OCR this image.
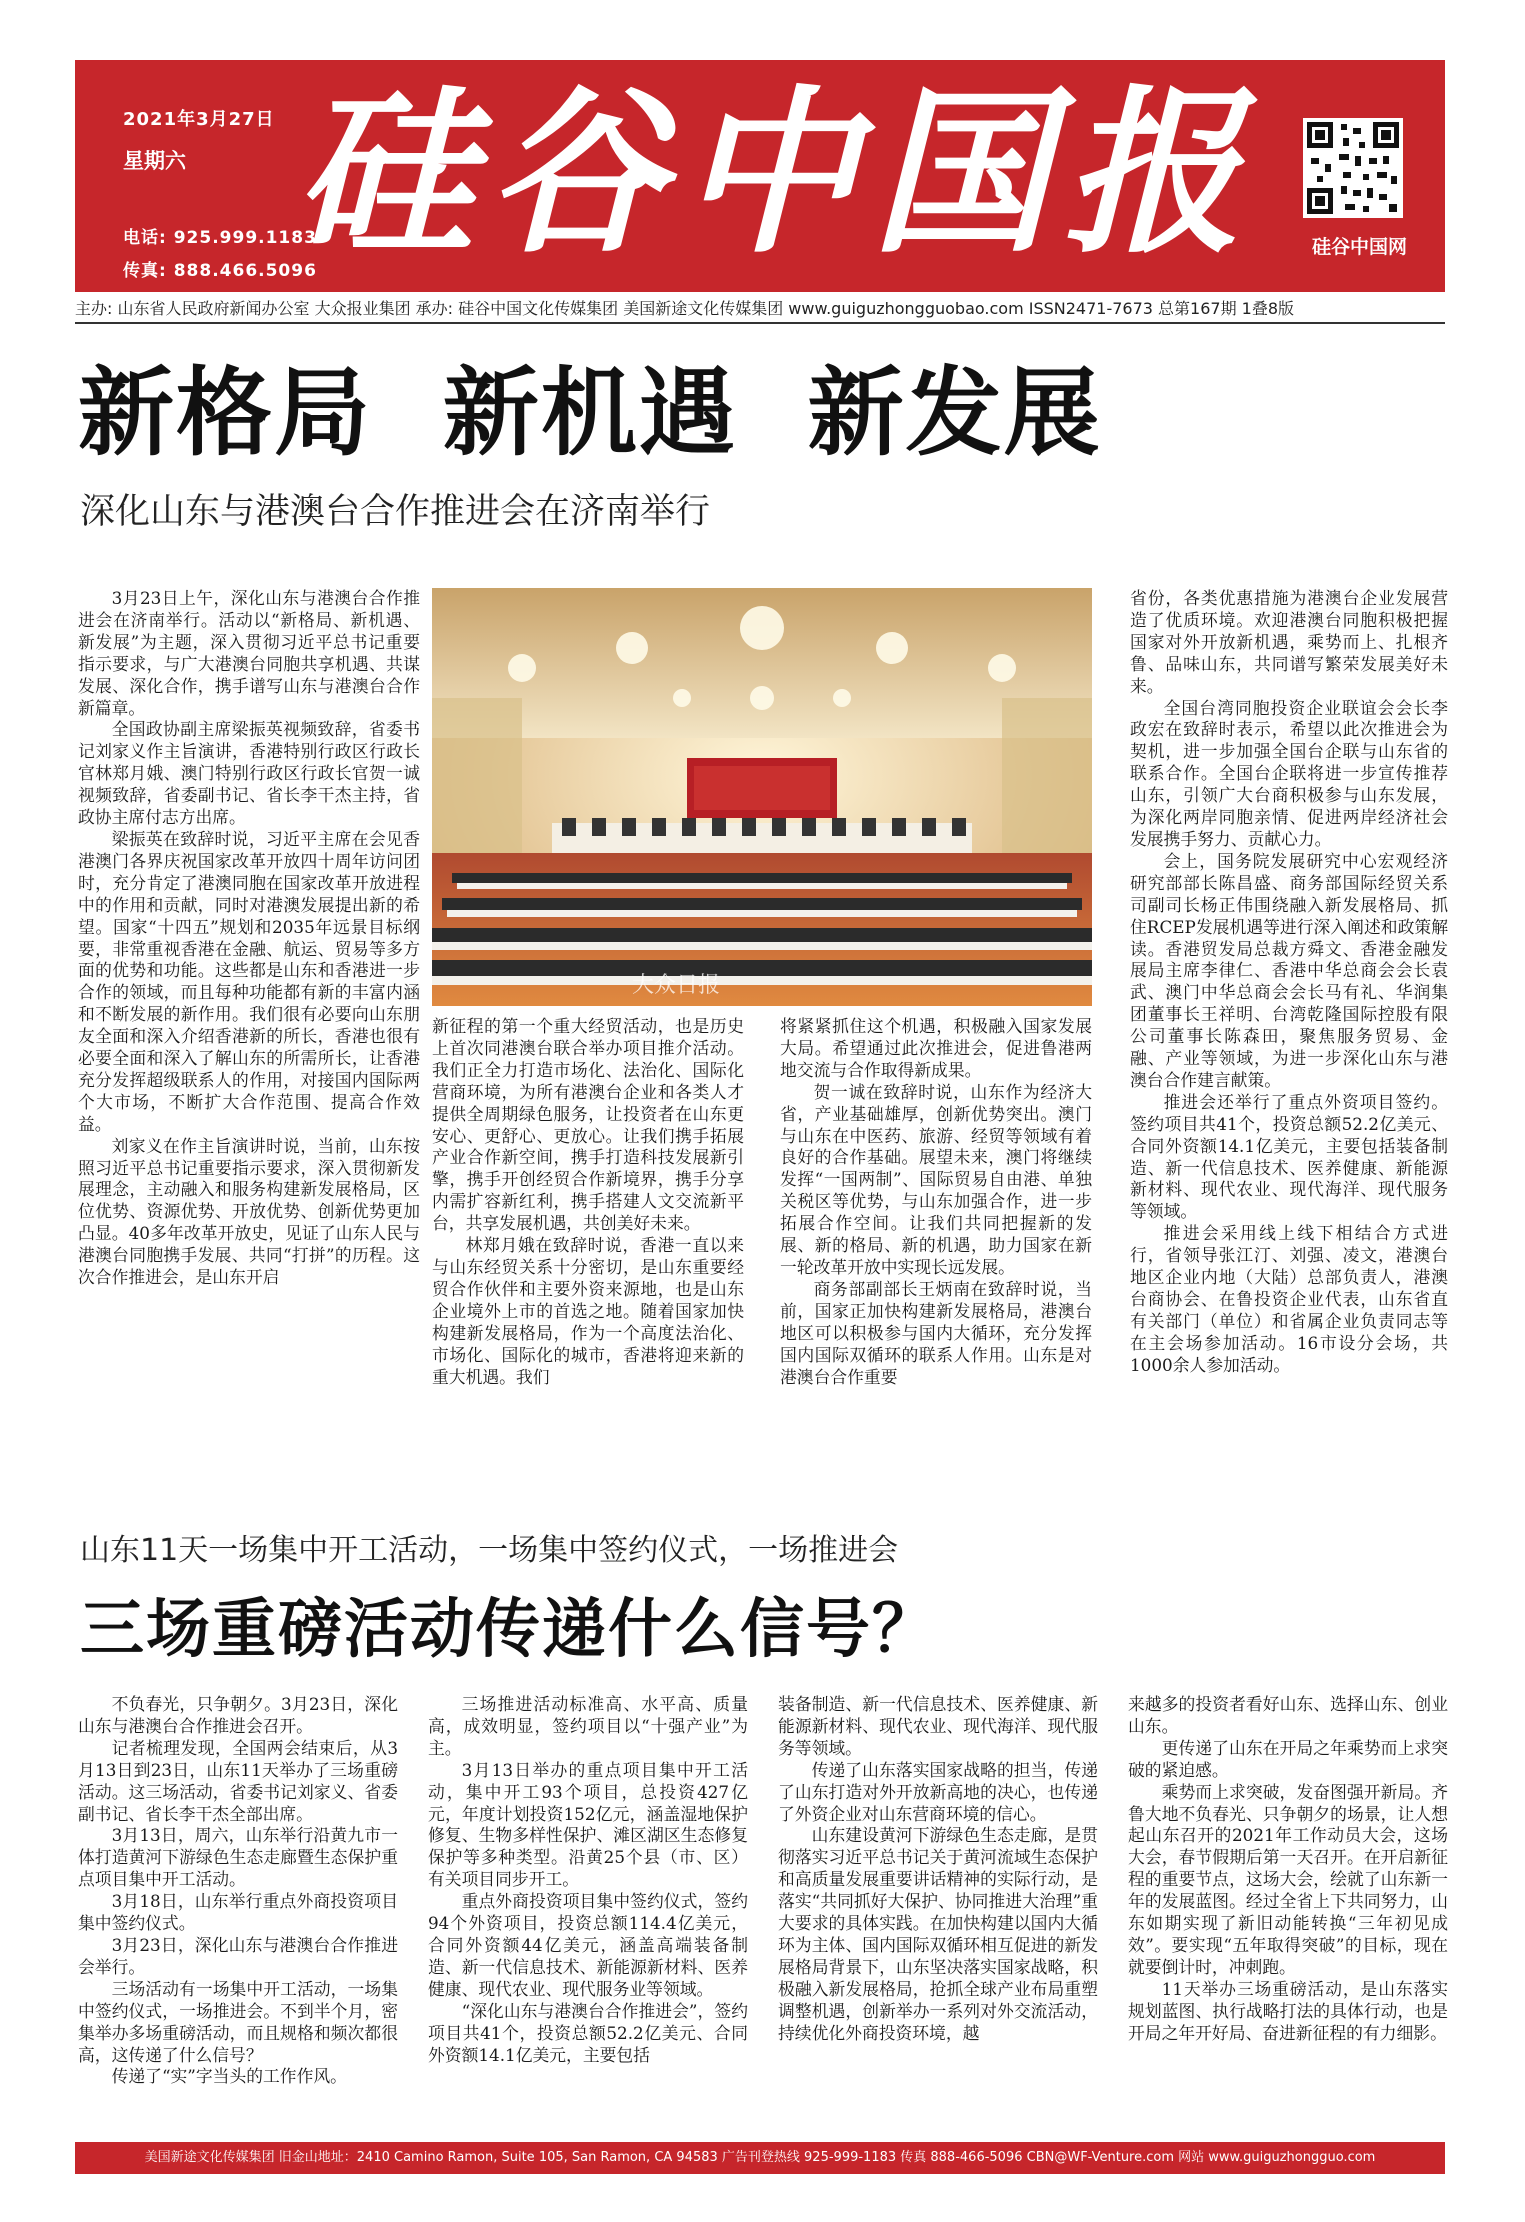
2021年3月27日
星期六
电话: 925.999.1183
传真: 888.466.5096
硅谷中国报	硅谷中国网
主办: 山东省人民政府新闻办公室 大众报业集团 承办: 硅谷中国文化传媒集团 美国新途文化传媒集团 www.guiguzhongguobao.com ISSN2471-7673 总第167期 1叠8版
新格局  新机遇  新发展
深化山东与港澳台合作推进会在济南举行

3月23日上午，深化山东与港澳台合作推进会在济南举行。活动以“新格局、新机遇、新发展”为主题，深入贯彻习近平总书记重要指示要求，与广大港澳台同胞共享机遇、共谋发展、深化合作，携手谱写山东与港澳台合作新篇章。

全国政协副主席梁振英视频致辞，省委书记刘家义作主旨演讲，香港特别行政区行政长官林郑月娥、澳门特别行政区行政长官贺一诚视频致辞，省委副书记、省长李干杰主持，省政协主席付志方出席。

梁振英在致辞时说，习近平主席在会见香港澳门各界庆祝国家改革开放四十周年访问团时，充分肯定了港澳同胞在国家改革开放进程中的作用和贡献，同时对港澳发展提出新的希望。国家“十四五”规划和2035年远景目标纲要，非常重视香港在金融、航运、贸易等多方面的优势和功能。这些都是山东和香港进一步合作的领域，而且每种功能都有新的丰富内涵和不断发展的新作用。我们很有必要向山东朋友全面和深入介绍香港新的所长，香港也很有必要全面和深入了解山东的所需所长，让香港充分发挥超级联系人的作用，对接国内国际两个大市场，不断扩大合作范围、提高合作效益。

刘家义在作主旨演讲时说，当前，山东按照习近平总书记重要指示要求，深入贯彻新发展理念，主动融入和服务构建新发展格局，区位优势、资源优势、开放优势、创新优势更加凸显。40多年改革开放史，见证了山东人民与港澳台同胞携手发展、共同“打拼”的历程。这次合作推进会，是山东开启

大众日报

新征程的第一个重大经贸活动，也是历史上首次同港澳台联合举办项目推介活动。我们正全力打造市场化、法治化、国际化营商环境，为所有港澳台企业和各类人才提供全周期绿色服务，让投资者在山东更安心、更舒心、更放心。让我们携手拓展产业合作新空间，携手打造科技发展新引擎，携手开创经贸合作新境界，携手分享内需扩容新红利，携手搭建人文交流新平台，共享发展机遇，共创美好未来。

林郑月娥在致辞时说，香港一直以来与山东经贸关系十分密切，是山东重要经贸合作伙伴和主要外资来源地，也是山东企业境外上市的首选之地。随着国家加快构建新发展格局，作为一个高度法治化、市场化、国际化的城市，香港将迎来新的重大机遇。我们

将紧紧抓住这个机遇，积极融入国家发展大局。希望通过此次推进会，促进鲁港两地交流与合作取得新成果。

贺一诚在致辞时说，山东作为经济大省，产业基础雄厚，创新优势突出。澳门与山东在中医药、旅游、经贸等领域有着良好的合作基础。展望未来，澳门将继续发挥“一国两制”、国际贸易自由港、单独关税区等优势，与山东加强合作，进一步拓展合作空间。让我们共同把握新的发展、新的格局、新的机遇，助力国家在新一轮改革开放中实现长远发展。

商务部副部长王炳南在致辞时说，当前，国家正加快构建新发展格局，港澳台地区可以积极参与国内大循环，充分发挥国内国际双循环的联系人作用。山东是对港澳台合作重要

省份，各类优惠措施为港澳台企业发展营造了优质环境。欢迎港澳台同胞积极把握国家对外开放新机遇，乘势而上、扎根齐鲁、品味山东，共同谱写繁荣发展美好未来。

全国台湾同胞投资企业联谊会会长李政宏在致辞时表示，希望以此次推进会为契机，进一步加强全国台企联与山东省的联系合作。全国台企联将进一步宣传推荐山东，引领广大台商积极参与山东发展，为深化两岸同胞亲情、促进两岸经济社会发展携手努力、贡献心力。

会上，国务院发展研究中心宏观经济研究部部长陈昌盛、商务部国际经贸关系司副司长杨正伟围绕融入新发展格局、抓住RCEP发展机遇等进行深入阐述和政策解读。香港贸发局总裁方舜文、香港金融发展局主席李律仁、香港中华总商会会长袁武、澳门中华总商会会长马有礼、华润集团董事长王祥明、台湾乾隆国际控股有限公司董事长陈森田，聚焦服务贸易、金融、产业等领域，为进一步深化山东与港澳台合作建言献策。

推进会还举行了重点外资项目签约。签约项目共41个，投资总额52.2亿美元、合同外资额14.1亿美元，主要包括装备制造、新一代信息技术、医养健康、新能源新材料、现代农业、现代海洋、现代服务等领域。

推进会采用线上线下相结合方式进行，省领导张江汀、刘强、凌文，港澳台地区企业内地（大陆）总部负责人，港澳台商协会、在鲁投资企业代表，山东省直有关部门（单位）和省属企业负责同志等在主会场参加活动。16市设分会场，共1000余人参加活动。

山东11天一场集中开工活动，一场集中签约仪式，一场推进会
三场重磅活动传递什么信号？

不负春光，只争朝夕。3月23日，深化山东与港澳台合作推进会召开。

记者梳理发现，全国两会结束后，从3月13日到23日，山东11天举办了三场重磅活动。这三场活动，省委书记刘家义、省委副书记、省长李干杰全部出席。

3月13日，周六，山东举行沿黄九市一体打造黄河下游绿色生态走廊暨生态保护重点项目集中开工活动。

3月18日，山东举行重点外商投资项目集中签约仪式。

3月23日，深化山东与港澳台合作推进会举行。

三场活动有一场集中开工活动，一场集中签约仪式，一场推进会。不到半个月，密集举办多场重磅活动，而且规格和频次都很高，这传递了什么信号？

传递了“实”字当头的工作作风。

三场推进活动标准高、水平高、质量高，成效明显，签约项目以“十强产业”为主。

3月13日举办的重点项目集中开工活动，集中开工93个项目，总投资427亿元，年度计划投资152亿元，涵盖湿地保护修复、生物多样性保护、滩区湖区生态修复保护等多种类型。沿黄25个县（市、区）有关项目同步开工。

重点外商投资项目集中签约仪式，签约94个外资项目，投资总额114.4亿美元，合同外资额44亿美元，涵盖高端装备制造、新一代信息技术、新能源新材料、医养健康、现代农业、现代服务业等领域。

“深化山东与港澳台合作推进会”，签约项目共41个，投资总额52.2亿美元、合同外资额14.1亿美元，主要包括

装备制造、新一代信息技术、医养健康、新能源新材料、现代农业、现代海洋、现代服务等领域。

传递了山东落实国家战略的担当，传递了山东打造对外开放新高地的决心，也传递了外资企业对山东营商环境的信心。

山东建设黄河下游绿色生态走廊，是贯彻落实习近平总书记关于黄河流域生态保护和高质量发展重要讲话精神的实际行动，是落实“共同抓好大保护、协同推进大治理”重大要求的具体实践。在加快构建以国内大循环为主体、国内国际双循环相互促进的新发展格局背景下，山东坚决落实国家战略，积极融入新发展格局，抢抓全球产业布局重塑调整机遇，创新举办一系列对外交流活动，持续优化外商投资环境，越

来越多的投资者看好山东、选择山东、创业山东。

更传递了山东在开局之年乘势而上求突破的紧迫感。

乘势而上求突破，发奋图强开新局。齐鲁大地不负春光、只争朝夕的场景，让人想起山东召开的2021年工作动员大会，这场大会，春节假期后第一天召开。在开启新征程的重要节点，这场大会，绘就了山东新一年的发展蓝图。经过全省上下共同努力，山东如期实现了新旧动能转换“三年初见成效”。要实现“五年取得突破”的目标，现在就要倒计时，冲刺跑。

11天举办三场重磅活动，是山东落实规划蓝图、执行战略打法的具体行动，也是开局之年开好局、奋进新征程的有力细影。

美国新途文化传媒集团 旧金山地址：2410 Camino Ramon, Suite 105, San Ramon, CA 94583 广告刊登热线 925-999-1183 传真 888-466-5096 CBN@WF-Venture.com 网站 www.guiguzhongguo.com
